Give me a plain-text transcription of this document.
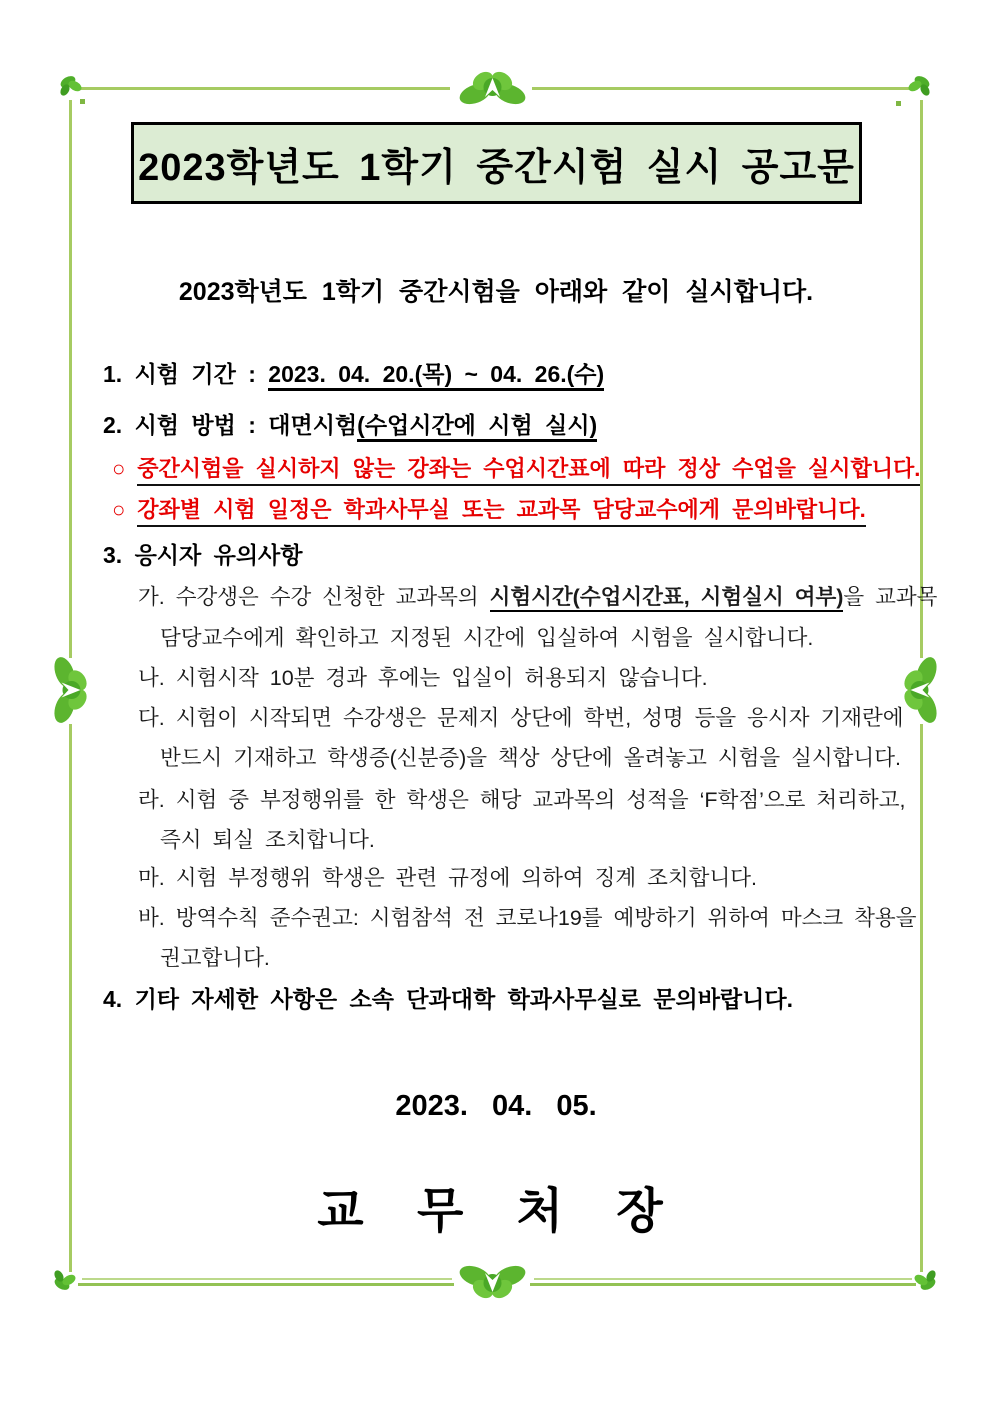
2023학년도 1학기 중간시험 실시 공고문
2023학년도 1학기 중간시험을 아래와 같이 실시합니다.
1. 시험 기간 : 2023. 04. 20.(목) ~ 04. 26.(수)
2. 시험 방법 : 대면시험(수업시간에 시험 실시)
○ 중간시험을 실시하지 않는 강좌는 수업시간표에 따라 정상 수업을 실시합니다.
○ 강좌별 시험 일정은 학과사무실 또는 교과목 담당교수에게 문의바랍니다.
3. 응시자 유의사항
가. 수강생은 수강 신청한 교과목의 시험시간(수업시간표, 시험실시 여부)을 교과목
담당교수에게 확인하고 지정된 시간에 입실하여 시험을 실시합니다.
나. 시험시작 10분 경과 후에는 입실이 허용되지 않습니다.
다. 시험이 시작되면 수강생은 문제지 상단에 학번, 성명 등을 응시자 기재란에
반드시 기재하고 학생증(신분증)을 책상 상단에 올려놓고 시험을 실시합니다.
라. 시험 중 부정행위를 한 학생은 해당 교과목의 성적을 ‘F학점’으로 처리하고,
즉시 퇴실 조치합니다.
마. 시험 부정행위 학생은 관련 규정에 의하여 징계 조치합니다.
바. 방역수칙 준수권고: 시험참석 전 코로나19를 예방하기 위하여 마스크 착용을
권고합니다.
4. 기타 자세한 사항은 소속 단과대학 학과사무실로 문의바랍니다.
2023. 04. 05.
교 무 처 장
